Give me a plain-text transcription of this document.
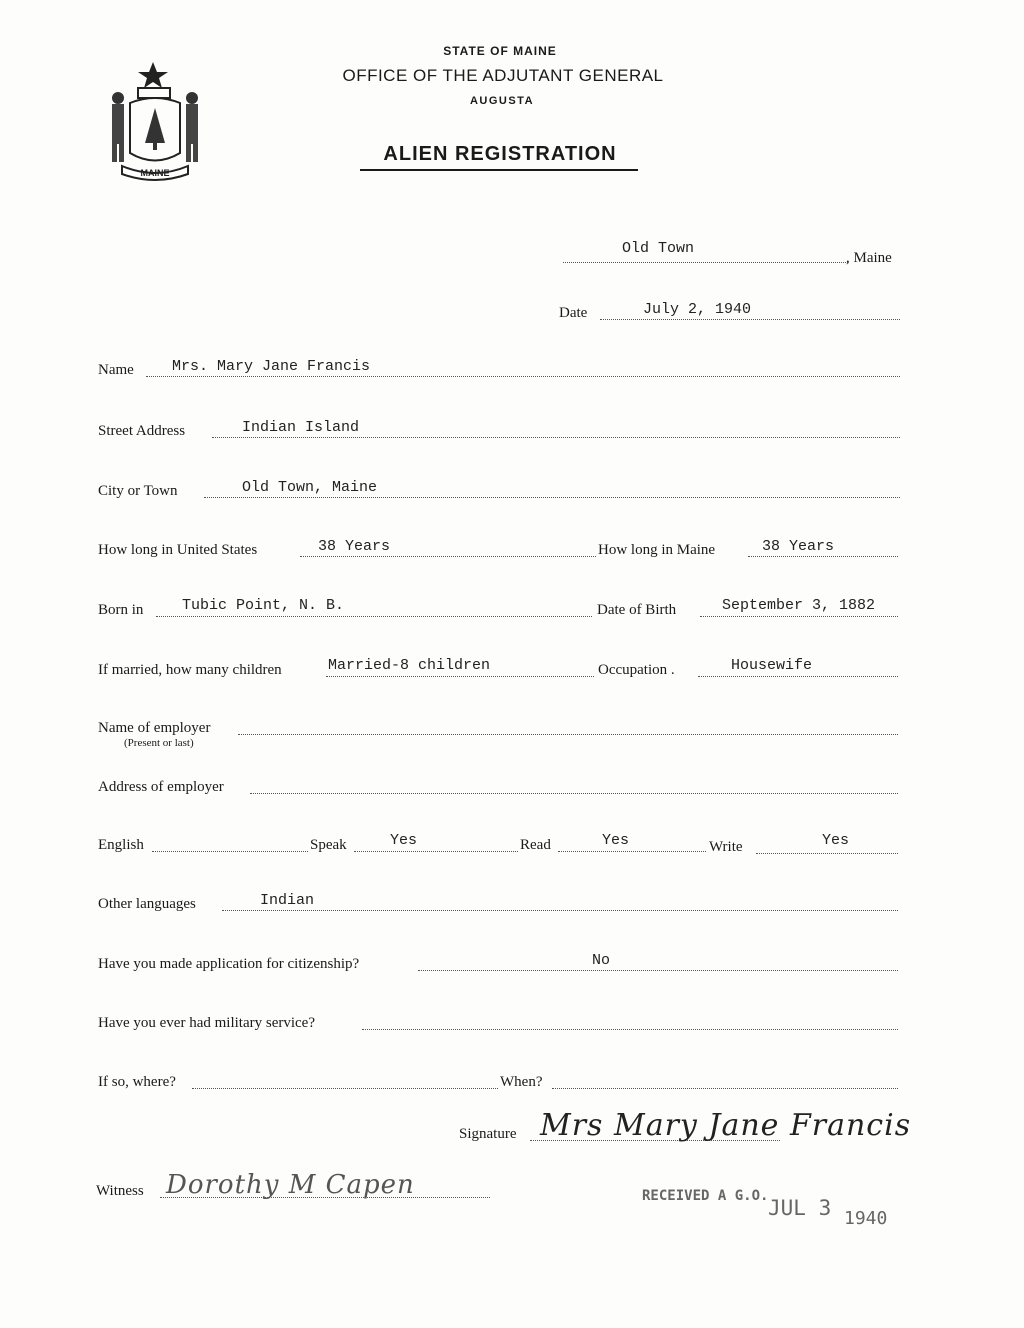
MAINE
STATE OF MAINE
OFFICE OF THE ADJUTANT GENERAL
AUGUSTA
ALIEN REGISTRATION
Old Town
, Maine
Date	July 2, 1940
Name	Mrs. Mary Jane Francis
Street Address	Indian Island
City or Town	Old Town, Maine
How long in United States	38 Years	How long in Maine	38 Years
Born in	Tubic Point, N. B.	Date of Birth	September 3, 1882
If married, how many children	Married-8 children	Occupation .	Housewife
Name of employer
(Present or last)
Address of employer
English	Speak	Yes	Read	Yes	Write	Yes
Other languages	Indian
Have you made application for citizenship?	No
Have you ever had military service?
If so, where?	When?
Signature Mrs Mary Jane Francis
Witness Dorothy M Capen	RECEIVED A G.O. JUL 3 1940
